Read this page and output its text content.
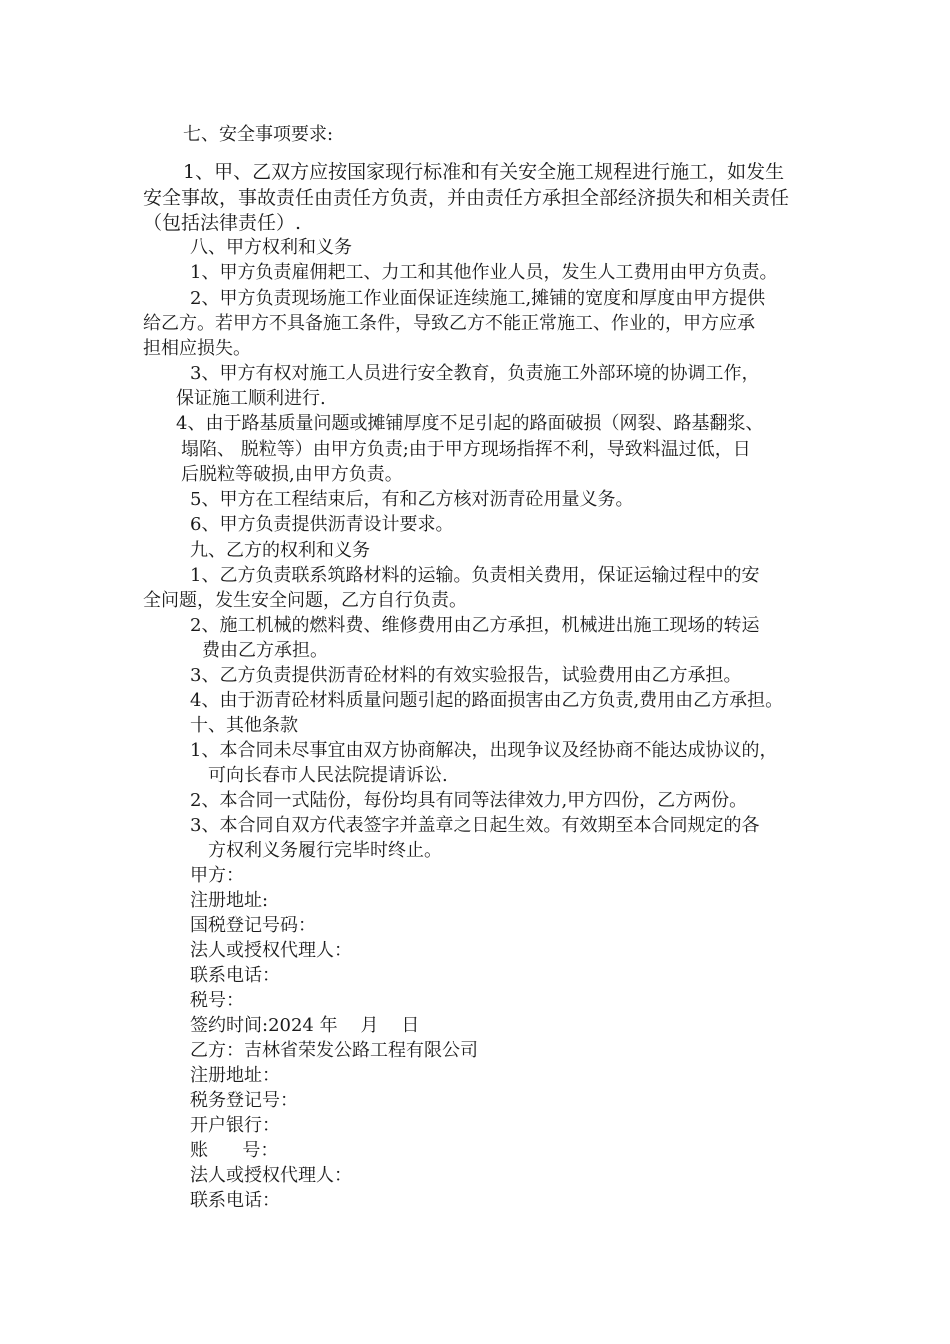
七、安全事项要求:
1、甲、乙双方应按国家现行标准和有关安全施工规程进行施工，如发生
安全事故，事故责任由责任方负责，并由责任方承担全部经济损失和相关责任
（包括法律责任）.
八、甲方权利和义务
1、甲方负责雇佣耙工、力工和其他作业人员，发生人工费用由甲方负责。
2、甲方负责现场施工作业面保证连续施工,摊铺的宽度和厚度由甲方提供
给乙方。若甲方不具备施工条件，导致乙方不能正常施工、作业的，甲方应承
担相应损失。
3、甲方有权对施工人员进行安全教育，负责施工外部环境的协调工作，
保证施工顺利进行.
4、由于路基质量问题或摊铺厚度不足引起的路面破损（网裂、路基翻浆、
塌陷、 脱粒等）由甲方负责;由于甲方现场指挥不利，导致料温过低，日
后脱粒等破损,由甲方负责。
5、甲方在工程结束后，有和乙方核对沥青砼用量义务。
6、甲方负责提供沥青设计要求。
九、乙方的权利和义务
1、乙方负责联系筑路材料的运输。负责相关费用，保证运输过程中的安
全问题，发生安全问题，乙方自行负责。
2、施工机械的燃料费、维修费用由乙方承担，机械进出施工现场的转运
费由乙方承担。
3、乙方负责提供沥青砼材料的有效实验报告，试验费用由乙方承担。
4、由于沥青砼材料质量问题引起的路面损害由乙方负责,费用由乙方承担。
十、其他条款
1、本合同未尽事宜由双方协商解决，出现争议及经协商不能达成协议的，
可向长春市人民法院提请诉讼.
2、本合同一式陆份，每份均具有同等法律效力,甲方四份，乙方两份。
3、本合同自双方代表签字并盖章之日起生效。有效期至本合同规定的各
方权利义务履行完毕时终止。
甲方：
注册地址:
国税登记号码：
法人或授权代理人：
联系电话：
税号：
签约时间:2024 年    月    日
乙方：吉林省荣发公路工程有限公司
注册地址：
税务登记号：
开户银行：
账      号：
法人或授权代理人：
联系电话：
